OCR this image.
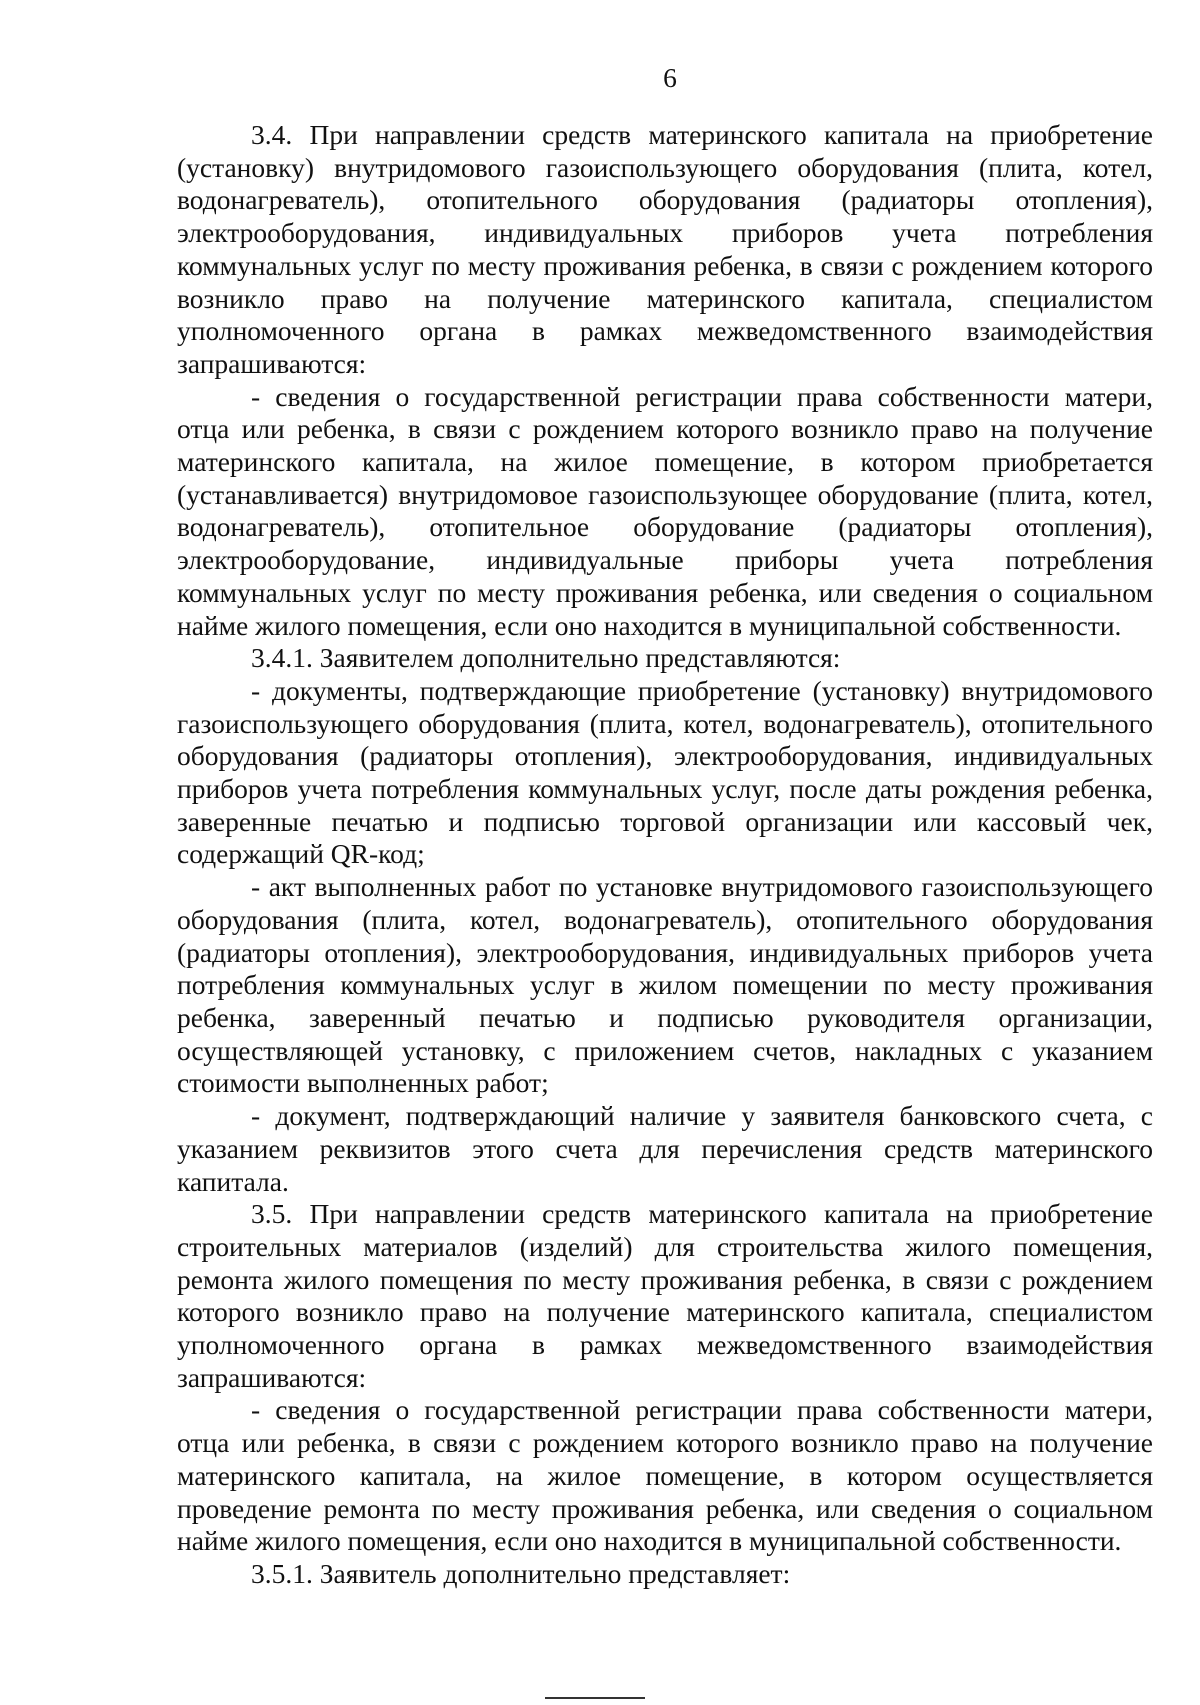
6

3.4. При направлении средств материнского капитала на приобретение (установку) внутридомового газоиспользующего оборудования (плита, котел, водонагреватель), отопительного оборудования (радиаторы отопления), электрооборудования, индивидуальных приборов учета потребления коммунальных услуг по месту проживания ребенка, в связи с рождением которого возникло право на получение материнского капитала, специалистом уполномоченного органа в рамках межведомственного взаимодействия запрашиваются:

- сведения о государственной регистрации права собственности матери, отца или ребенка, в связи с рождением которого возникло право на получение материнского капитала, на жилое помещение, в котором приобретается (устанавливается) внутридомовое газоиспользующее оборудование (плита, котел, водонагреватель), отопительное оборудование (радиаторы отопления), электрооборудование, индивидуальные приборы учета потребления коммунальных услуг по месту проживания ребенка, или сведения о социальном найме жилого помещения, если оно находится в муниципальной собственности.

3.4.1. Заявителем дополнительно представляются:

- документы, подтверждающие приобретение (установку) внутридомового газоиспользующего оборудования (плита, котел, водонагреватель), отопительного оборудования (радиаторы отопления), электрооборудования, индивидуальных приборов учета потребления коммунальных услуг, после даты рождения ребенка, заверенные печатью и подписью торговой организации или кассовый чек, содержащий QR-код;

- акт выполненных работ по установке внутридомового газоиспользующего оборудования (плита, котел, водонагреватель), отопительного оборудования (радиаторы отопления), электрооборудования, индивидуальных приборов учета потребления коммунальных услуг в жилом помещении по месту проживания ребенка, заверенный печатью и подписью руководителя организации, осуществляющей установку, с приложением счетов, накладных с указанием стоимости выполненных работ;

- документ, подтверждающий наличие у заявителя банковского счета, с указанием реквизитов этого счета для перечисления средств материнского капитала.

3.5. При направлении средств материнского капитала на приобретение строительных материалов (изделий) для строительства жилого помещения, ремонта жилого помещения по месту проживания ребенка, в связи с рождением которого возникло право на получение материнского капитала, специалистом уполномоченного органа в рамках межведомственного взаимодействия запрашиваются:

- сведения о государственной регистрации права собственности матери, отца или ребенка, в связи с рождением которого возникло право на получение материнского капитала, на жилое помещение, в котором осуществляется проведение ремонта по месту проживания ребенка, или сведения о социальном найме жилого помещения, если оно находится в муниципальной собственности.

3.5.1. Заявитель дополнительно представляет:
